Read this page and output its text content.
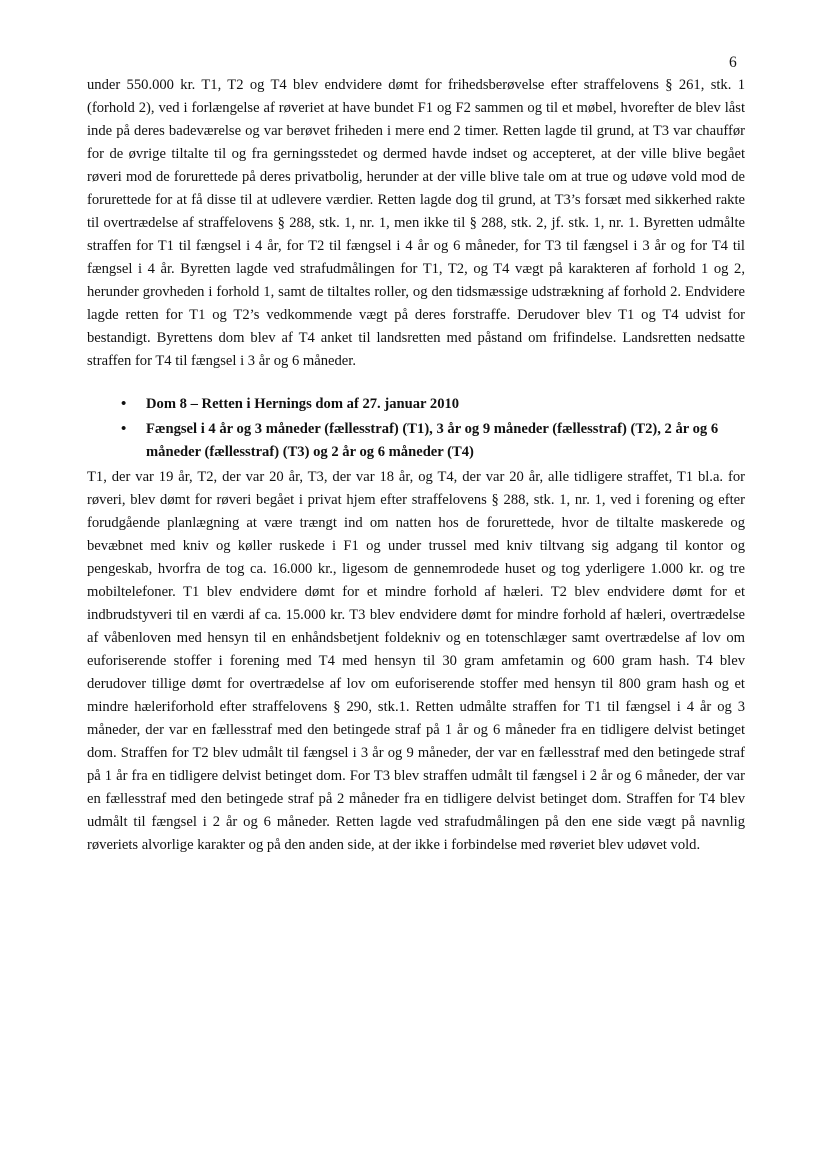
6

under 550.000 kr. T1, T2 og T4 blev endvidere dømt for frihedsberøvelse efter straffelovens § 261, stk. 1 (forhold 2), ved i forlængelse af røveriet at have bundet F1 og F2 sammen og til et møbel, hvorefter de blev låst inde på deres badeværelse og var berøvet friheden i mere end 2 timer. Retten lagde til grund, at T3 var chauffør for de øvrige tiltalte til og fra gerningsstedet og dermed havde indset og accepteret, at der ville blive begået røveri mod de forurettede på deres privatbolig, herunder at der ville blive tale om at true og udøve vold mod de forurettede for at få disse til at udlevere værdier. Retten lagde dog til grund, at T3’s forsæt med sikkerhed rakte til overtrædelse af straffelovens § 288, stk. 1, nr. 1, men ikke til § 288, stk. 2, jf. stk. 1, nr. 1. Byretten udmålte straffen for T1 til fængsel i 4 år, for T2 til fængsel i 4 år og 6 måneder, for T3 til fængsel i 3 år og for T4 til fængsel i 4 år. Byretten lagde ved strafudmålingen for T1, T2, og T4 vægt på karakteren af forhold 1 og 2, herunder grovheden i forhold 1, samt de tiltaltes roller, og den tidsmæssige udstrækning af forhold 2. Endvidere lagde retten for T1 og T2’s vedkommende vægt på deres forstraffe. Derudover blev T1 og T4 udvist for bestandigt. Byrettens dom blev af T4 anket til landsretten med påstand om frifindelse. Landsretten nedsatte straffen for T4 til fængsel i 3 år og 6 måneder.

• Dom 8 – Retten i Hernings dom af 27. januar 2010
• Fængsel i 4 år og 3 måneder (fællesstraf) (T1), 3 år og 9 måneder (fællesstraf) (T2), 2 år og 6 måneder (fællesstraf) (T3) og 2 år og 6 måneder (T4)

T1, der var 19 år, T2, der var 20 år, T3, der var 18 år, og T4, der var 20 år, alle tidligere straffet, T1 bl.a. for røveri, blev dømt for røveri begået i privat hjem efter straffelovens § 288, stk. 1, nr. 1, ved i forening og efter forudgående planlægning at være trængt ind om natten hos de forurettede, hvor de tiltalte maskerede og bevæbnet med kniv og køller ruskede i F1 og under trussel med kniv tiltvang sig adgang til kontor og pengeskab, hvorfra de tog ca. 16.000 kr., ligesom de gennemrodede huset og tog yderligere 1.000 kr. og tre mobiltelefoner. T1 blev endvidere dømt for et mindre forhold af hæleri. T2 blev endvidere dømt for et indbrudstyveri til en værdi af ca. 15.000 kr. T3 blev endvidere dømt for mindre forhold af hæleri, overtrædelse af våbenloven med hensyn til en enhåndsbetjent foldekniv og en totenschlæger samt overtrædelse af lov om euforiserende stoffer i forening med T4 med hensyn til 30 gram amfetamin og 600 gram hash. T4 blev derudover tillige dømt for overtrædelse af lov om euforiserende stoffer med hensyn til 800 gram hash og et mindre hæleriforhold efter straffelovens § 290, stk.1. Retten udmålte straffen for T1 til fængsel i 4 år og 3 måneder, der var en fællesstraf med den betingede straf på 1 år og 6 måneder fra en tidligere delvist betinget dom. Straffen for T2 blev udmålt til fængsel i 3 år og 9 måneder, der var en fællesstraf med den betingede straf på 1 år fra en tidligere delvist betinget dom. For T3 blev straffen udmålt til fængsel i 2 år og 6 måneder, der var en fællesstraf med den betingede straf på 2 måneder fra en tidligere delvist betinget dom. Straffen for T4 blev udmålt til fængsel i 2 år og 6 måneder. Retten lagde ved strafudmålingen på den ene side vægt på navnlig røveriets alvorlige karakter og på den anden side, at der ikke i forbindelse med røveriet blev udøvet vold.
